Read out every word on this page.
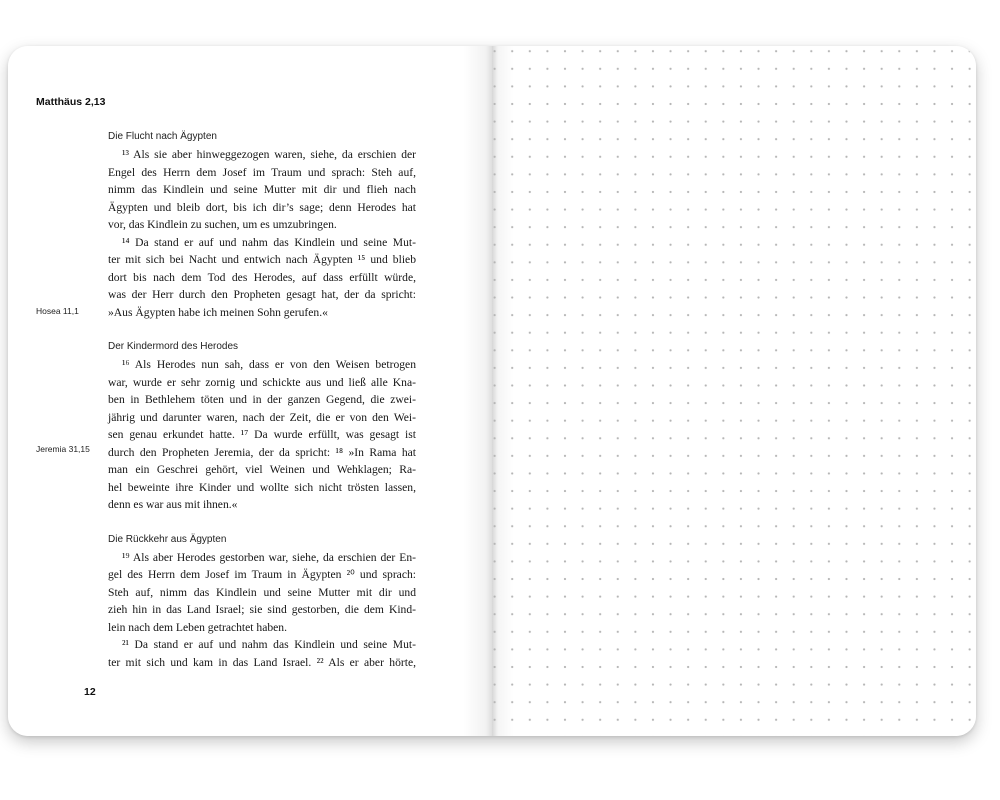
Matthäus 2,13
Hosea 11,1
Jeremia 31,15
Die Flucht nach Ägypten
¹³ Als sie aber hinweggezogen waren, siehe, da erschien der
Engel des Herrn dem Josef im Traum und sprach: Steh auf,
nimm das Kindlein und seine Mutter mit dir und flieh nach
Ägypten und bleib dort, bis ich dir’s sage; denn Herodes hat
vor, das Kindlein zu suchen, um es umzubringen.
¹⁴ Da stand er auf und nahm das Kindlein und seine Mut-
ter mit sich bei Nacht und entwich nach Ägypten ¹⁵ und blieb
dort bis nach dem Tod des Herodes, auf dass erfüllt würde,
was der Herr durch den Propheten gesagt hat, der da spricht:
»Aus Ägypten habe ich meinen Sohn gerufen.«
Der Kindermord des Herodes
¹⁶ Als Herodes nun sah, dass er von den Weisen betrogen
war, wurde er sehr zornig und schickte aus und ließ alle Kna-
ben in Bethlehem töten und in der ganzen Gegend, die zwei-
jährig und darunter waren, nach der Zeit, die er von den Wei-
sen genau erkundet hatte. ¹⁷ Da wurde erfüllt, was gesagt ist
durch den Propheten Jeremia, der da spricht: ¹⁸ »In Rama hat
man ein Geschrei gehört, viel Weinen und Wehklagen; Ra-
hel beweinte ihre Kinder und wollte sich nicht trösten lassen,
denn es war aus mit ihnen.«
Die Rückkehr aus Ägypten
¹⁹ Als aber Herodes gestorben war, siehe, da erschien der En-
gel des Herrn dem Josef im Traum in Ägypten ²⁰ und sprach:
Steh auf, nimm das Kindlein und seine Mutter mit dir und
zieh hin in das Land Israel; sie sind gestorben, die dem Kind-
lein nach dem Leben getrachtet haben.
²¹ Da stand er auf und nahm das Kindlein und seine Mut-
ter mit sich und kam in das Land Israel. ²² Als er aber hörte,
12
